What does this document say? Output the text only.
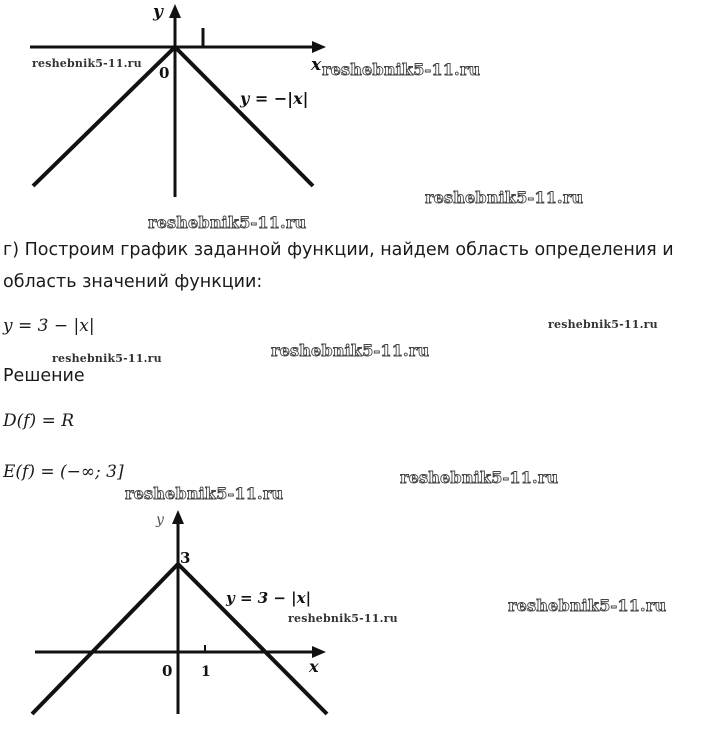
y
x
0
y = −|x|
reshebnik5-11.ru	reshebnik5-11.ru
reshebnik5-11.ru
reshebnik5-11.ru
г) Построим график заданной функции, найдем область определения и
область значений функции:
y = 3 − |x|	reshebnik5-11.ru
reshebnik5-11.ru
reshebnik5-11.ru
Решение
D(f) = R
E(f) = (−∞; 3]	reshebnik5-11.ru
reshebnik5-11.ru
y
x
0 1
3
y = 3 − |x|
reshebnik5-11.ru
reshebnik5-11.ru
